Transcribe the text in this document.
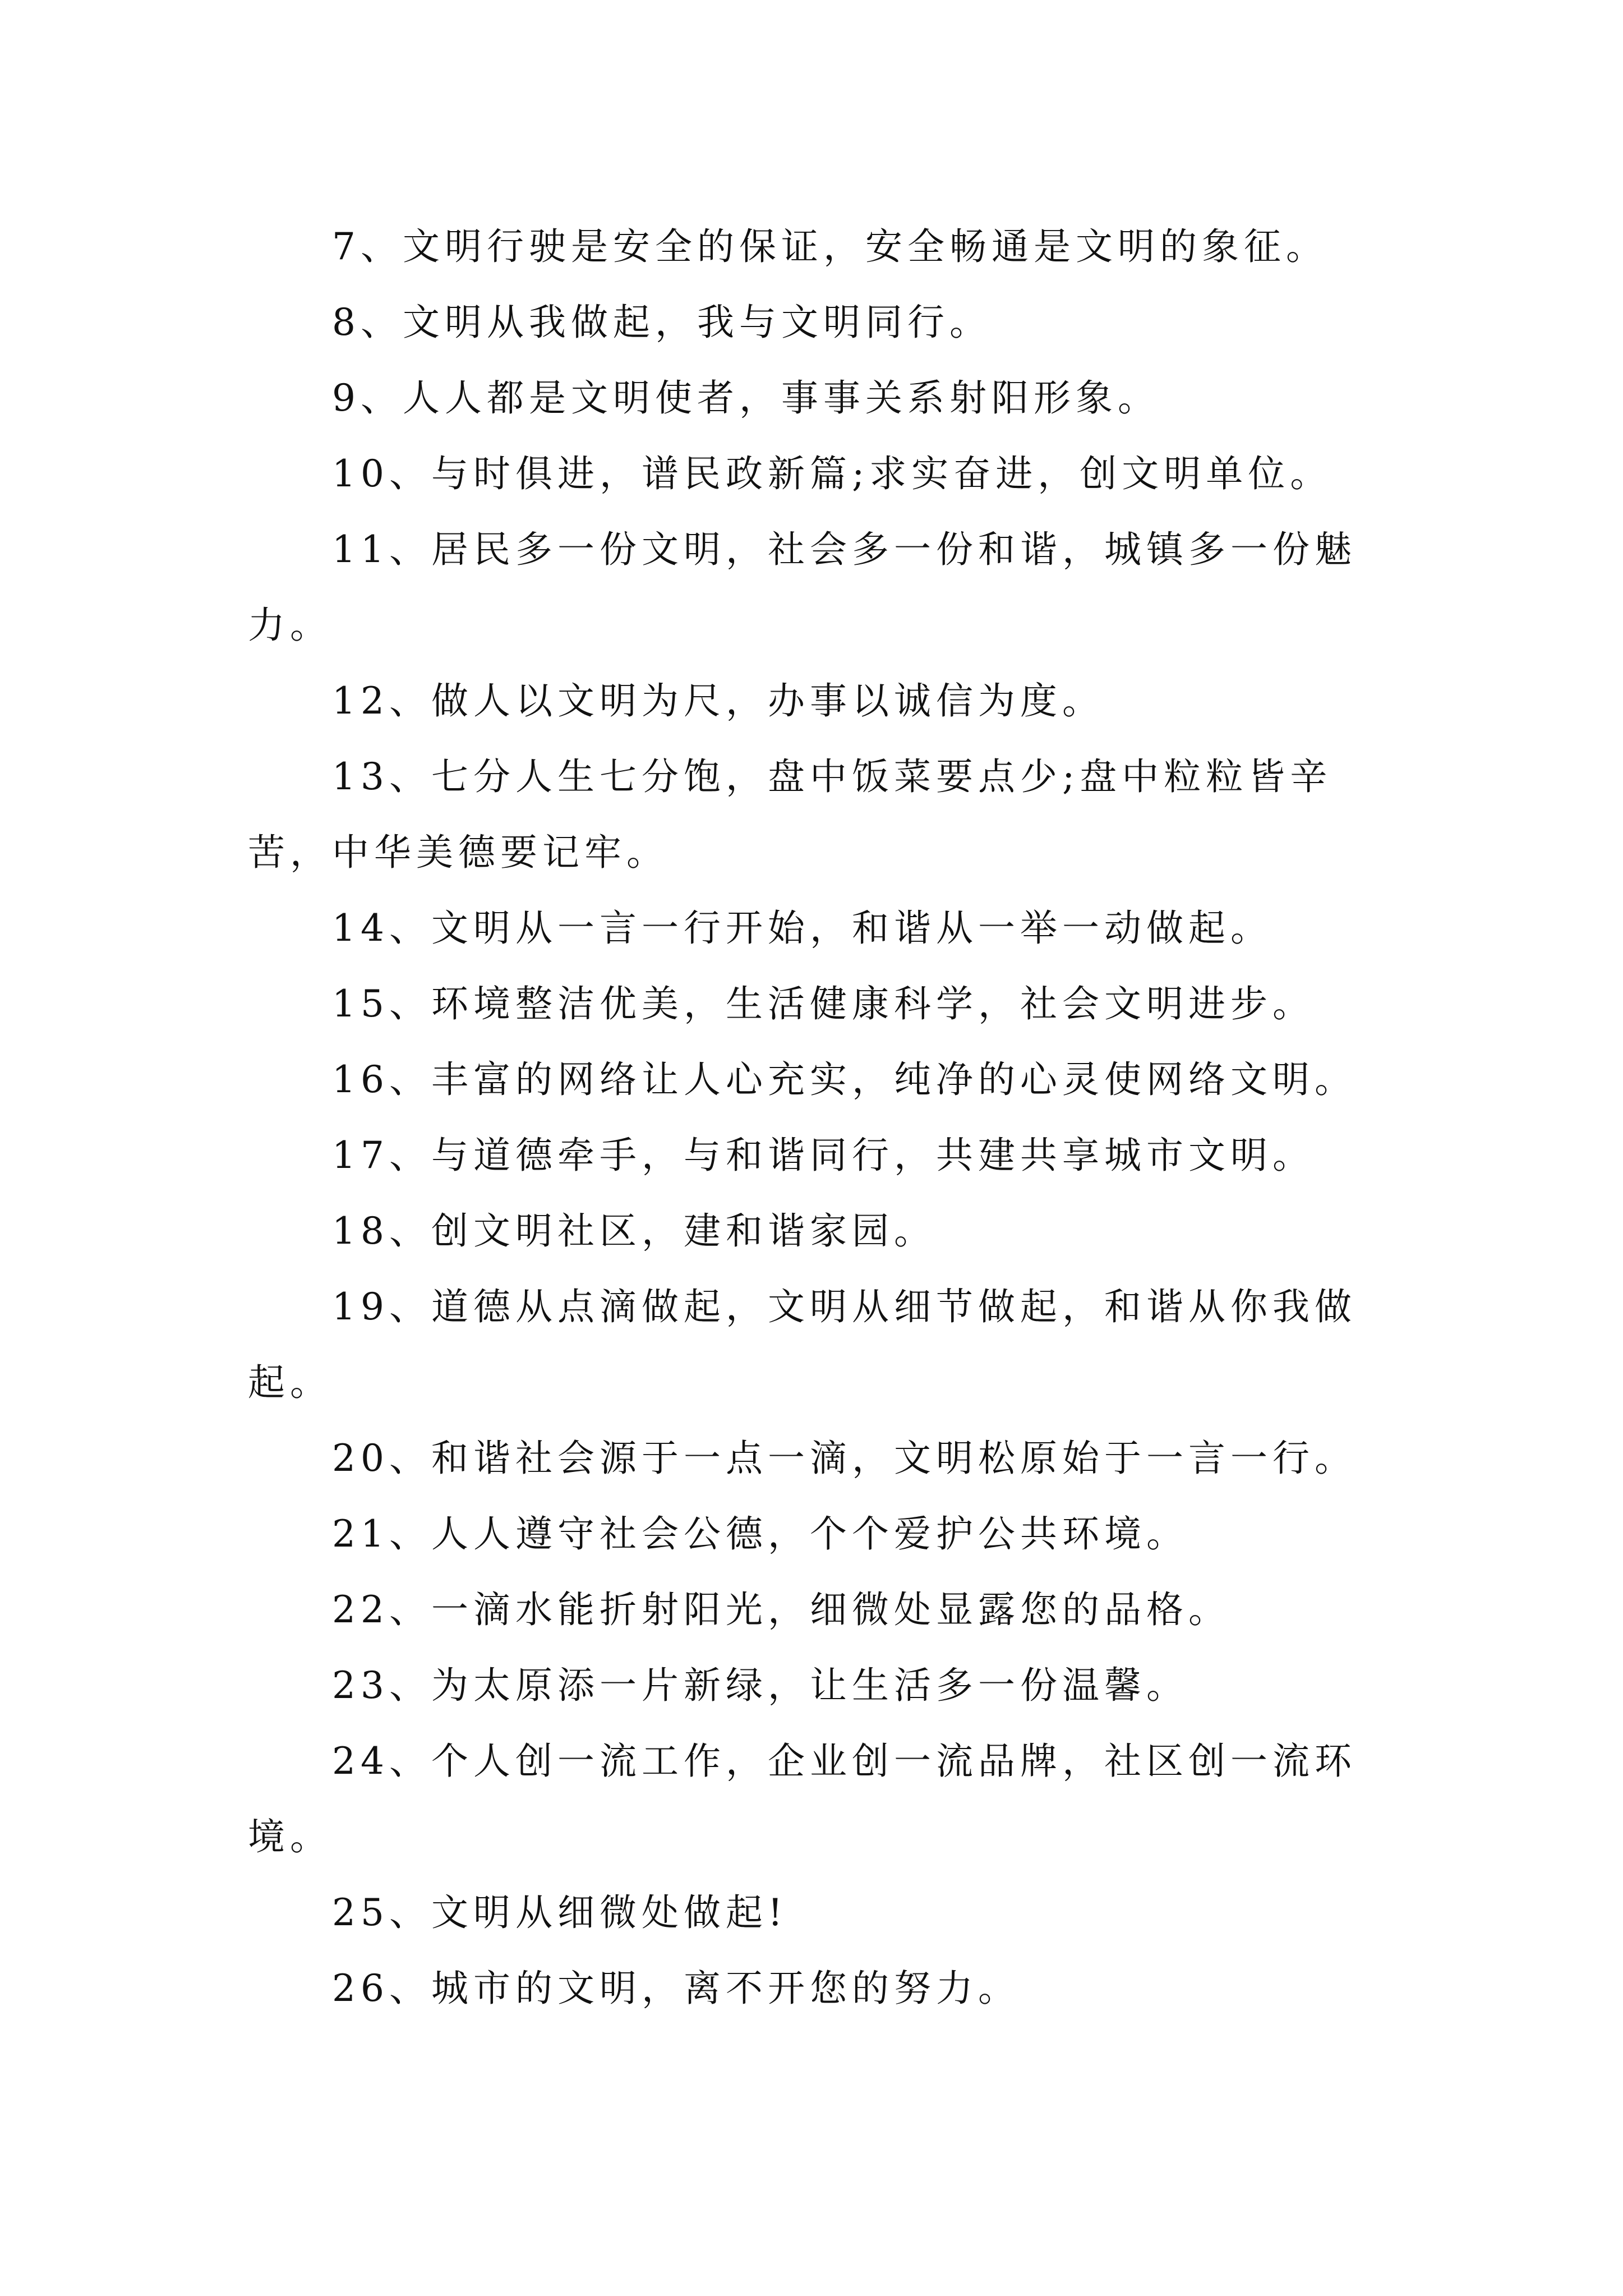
7、文明行驶是安全的保证，安全畅通是文明的象征。

8、文明从我做起，我与文明同行。

9、人人都是文明使者，事事关系射阳形象。

10、与时俱进，谱民政新篇;求实奋进，创文明单位。

11、居民多一份文明，社会多一份和谐，城镇多一份魅力。

12、做人以文明为尺，办事以诚信为度。

13、七分人生七分饱，盘中饭菜要点少;盘中粒粒皆辛苦，中华美德要记牢。

14、文明从一言一行开始，和谐从一举一动做起。

15、环境整洁优美，生活健康科学，社会文明进步。

16、丰富的网络让人心充实，纯净的心灵使网络文明。

17、与道德牵手，与和谐同行，共建共享城市文明。

18、创文明社区，建和谐家园。

19、道德从点滴做起，文明从细节做起，和谐从你我做起。

20、和谐社会源于一点一滴，文明松原始于一言一行。

21、人人遵守社会公德，个个爱护公共环境。

22、一滴水能折射阳光，细微处显露您的品格。

23、为太原添一片新绿，让生活多一份温馨。

24、个人创一流工作，企业创一流品牌，社区创一流环境。

25、文明从细微处做起!

26、城市的文明，离不开您的努力。
